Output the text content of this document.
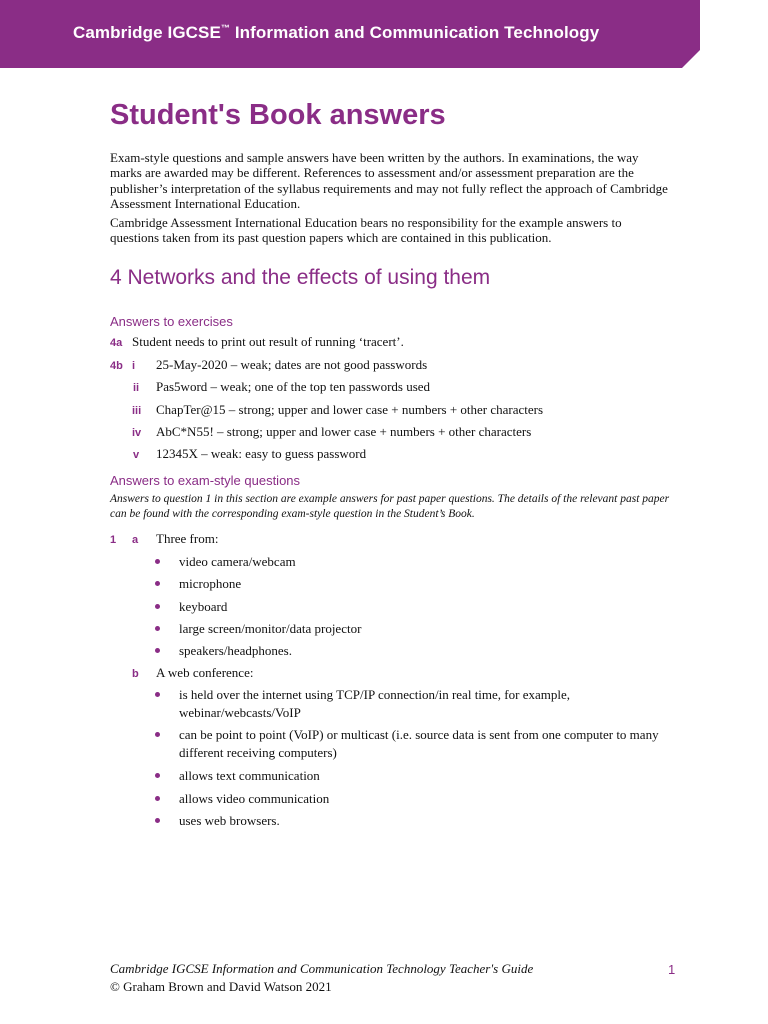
Cambridge IGCSE™ Information and Communication Technology
Student's Book answers

Exam-style questions and sample answers have been written by the authors. In examinations, the way marks are awarded may be different. References to assessment and/or assessment preparation are the publisher’s interpretation of the syllabus requirements and may not fully reflect the approach of Cambridge Assessment International Education.

Cambridge Assessment International Education bears no responsibility for the example answers to questions taken from its past question papers which are contained in this publication.

4 Networks and the effects of using them
Answers to exercises
4a Student needs to print out result of running ‘tracert’.
4b i 25-May-2020 – weak; dates are not good passwords
ii Pas5word – weak; one of the top ten passwords used
iii ChapTer@15 – strong; upper and lower case + numbers + other characters
iv AbC*N55! – strong; upper and lower case + numbers + other characters
v 12345X – weak: easy to guess password
Answers to exam-style questions

Answers to question 1 in this section are example answers for past paper questions. The details of the relevant past paper can be found with the corresponding exam-style question in the Student’s Book.

1 a Three from:
video camera/webcam
microphone
keyboard
large screen/monitor/data projector
speakers/headphones.
b A web conference:
is held over the internet using TCP/IP connection/in real time, for example, webinar/webcasts/VoIP
can be point to point (VoIP) or multicast (i.e. source data is sent from one computer to many different receiving computers)
allows text communication
allows video communication
uses web browsers.
Cambridge IGCSE Information and Communication Technology Teacher's Guide
© Graham Brown and David Watson 2021
1
